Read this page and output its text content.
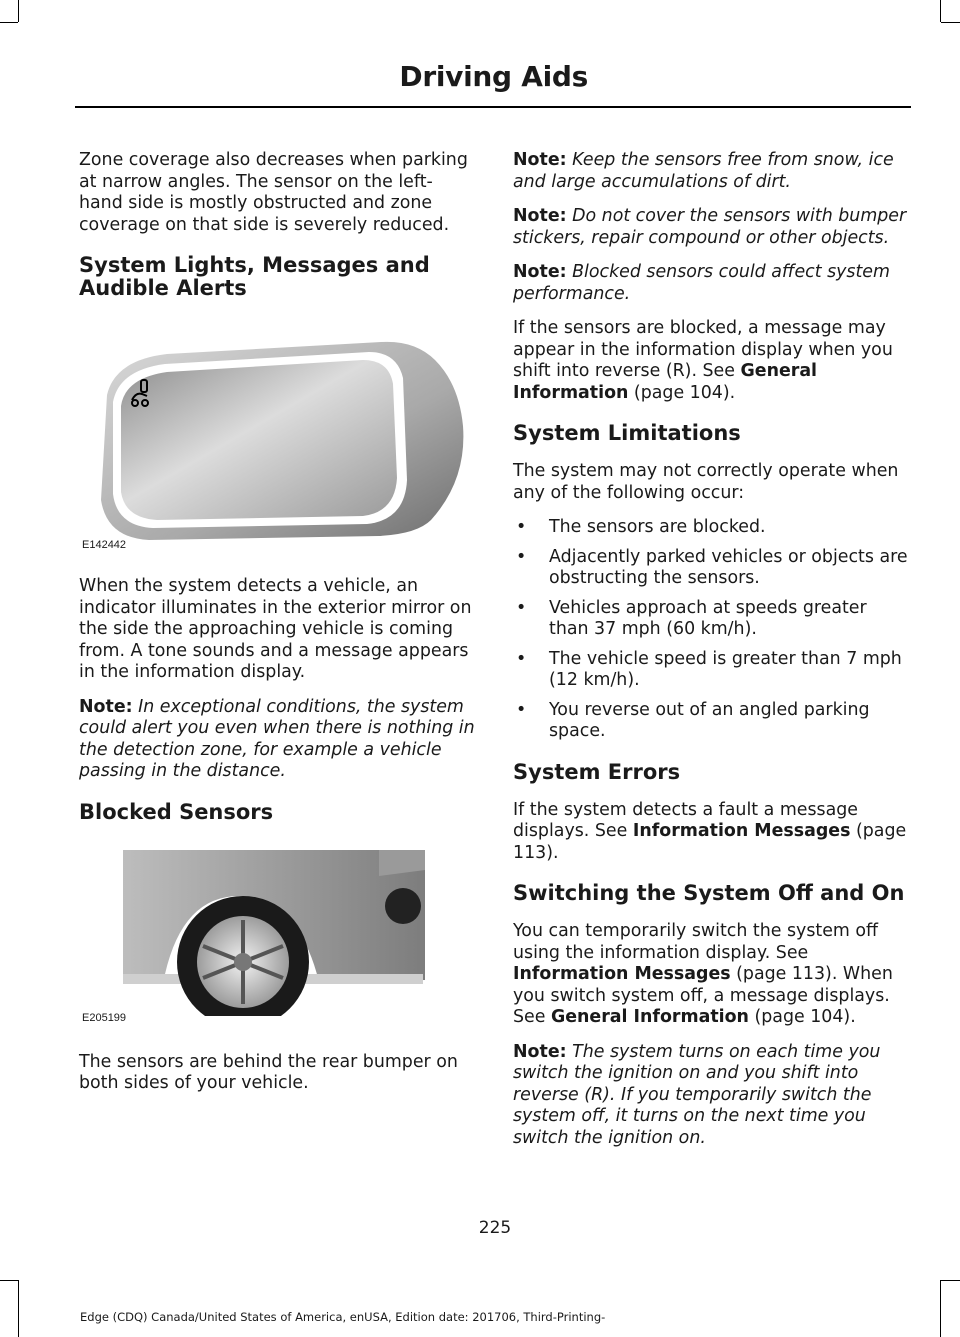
Driving Aids

Zone coverage also decreases when parking at narrow angles. The sensor on the left-hand side is mostly obstructed and zone coverage on that side is severely reduced.

System Lights, Messages and Audible Alerts
E142442

When the system detects a vehicle, an indicator illuminates in the exterior mirror on the side the approaching vehicle is coming from. A tone sounds and a message appears in the information display.

Note: In exceptional conditions, the system could alert you even when there is nothing in the detection zone, for example a vehicle passing in the distance.

Blocked Sensors
E205199

The sensors are behind the rear bumper on both sides of your vehicle.

Note: Keep the sensors free from snow, ice and large accumulations of dirt.

Note: Do not cover the sensors with bumper stickers, repair compound or other objects.

Note: Blocked sensors could affect system performance.

If the sensors are blocked, a message may appear in the information display when you shift into reverse (R). See General Information (page 104).

System Limitations

The system may not correctly operate when any of the following occur:

• The sensors are blocked.
• Adjacently parked vehicles or objects are obstructing the sensors.
• Vehicles approach at speeds greater than 37 mph (60 km/h).
• The vehicle speed is greater than 7 mph (12 km/h).
• You reverse out of an angled parking space.
System Errors

If the system detects a fault a message displays. See Information Messages (page 113).

Switching the System Off and On

You can temporarily switch the system off using the information display. See Information Messages (page 113). When you switch system off, a message displays. See General Information (page 104).

Note: The system turns on each time you switch the ignition on and you shift into reverse (R). If you temporarily switch the system off, it turns on the next time you switch the ignition on.

225
Edge (CDQ) Canada/United States of America, enUSA, Edition date: 201706, Third-Printing-
